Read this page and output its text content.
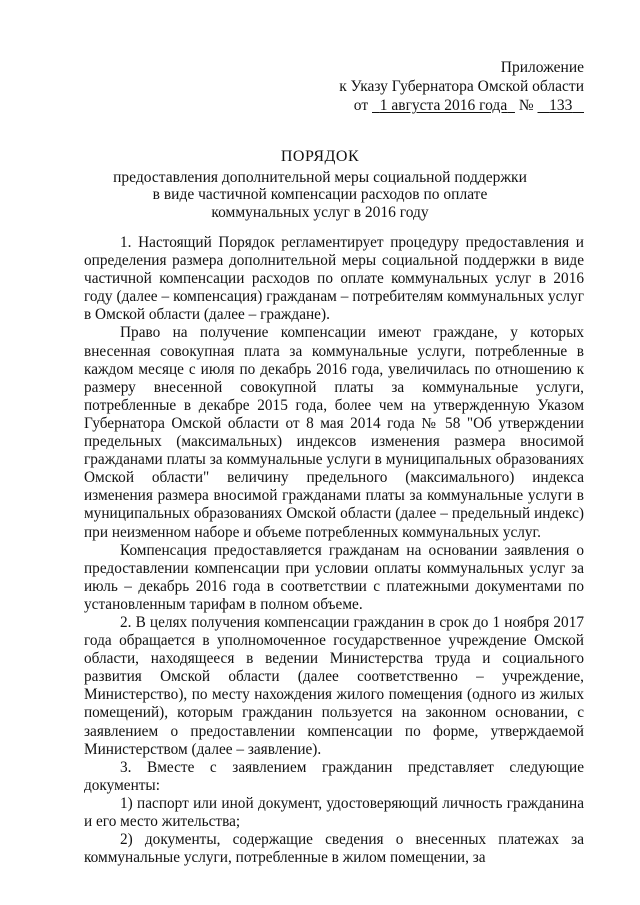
Приложение
к Указу Губернатора Омской области
от 1 августа 2016 года № 133
ПОРЯДОК
предоставления дополнительной меры социальной поддержки
в виде частичной компенсации расходов по оплате
коммунальных услуг в 2016 году

1. Настоящий Порядок регламентирует процедуру предоставления и определения размера дополнительной меры социальной поддержки в виде частичной компенсации расходов по оплате коммунальных услуг в 2016 году (далее – компенсация) гражданам – потребителям коммунальных услуг в Омской области (далее – граждане).

Право на получение компенсации имеют граждане, у которых внесенная совокупная плата за коммунальные услуги, потребленные в каждом месяце с июля по декабрь 2016 года, увеличилась по отношению к размеру внесенной совокупной платы за коммунальные услуги, потребленные в декабре 2015 года, более чем на утвержденную Указом Губернатора Омской области от 8 мая 2014 года № 58 "Об утверждении предельных (максимальных) индексов изменения размера вносимой гражданами платы за коммунальные услуги в муниципальных образованиях Омской области" величину предельного (максимального) индекса изменения размера вносимой гражданами платы за коммунальные услуги в муниципальных образованиях Омской области (далее – предельный индекс) при неизменном наборе и объеме потребленных коммунальных услуг.

Компенсация предоставляется гражданам на основании заявления о предоставлении компенсации при условии оплаты коммунальных услуг за июль – декабрь 2016 года в соответствии с платежными документами по установленным тарифам в полном объеме.

2. В целях получения компенсации гражданин в срок до 1 ноября 2017 года обращается в уполномоченное государственное учреждение Омской области, находящееся в ведении Министерства труда и социального развития Омской области (далее соответственно – учреждение, Министерство), по месту нахождения жилого помещения (одного из жилых помещений), которым гражданин пользуется на законном основании, с заявлением о предоставлении компенсации по форме, утверждаемой Министерством (далее – заявление).

3. Вместе с заявлением гражданин представляет следующие документы:

1) паспорт или иной документ, удостоверяющий личность гражданина и его место жительства;

2) документы, содержащие сведения о внесенных платежах за коммунальные услуги, потребленные в жилом помещении, за
